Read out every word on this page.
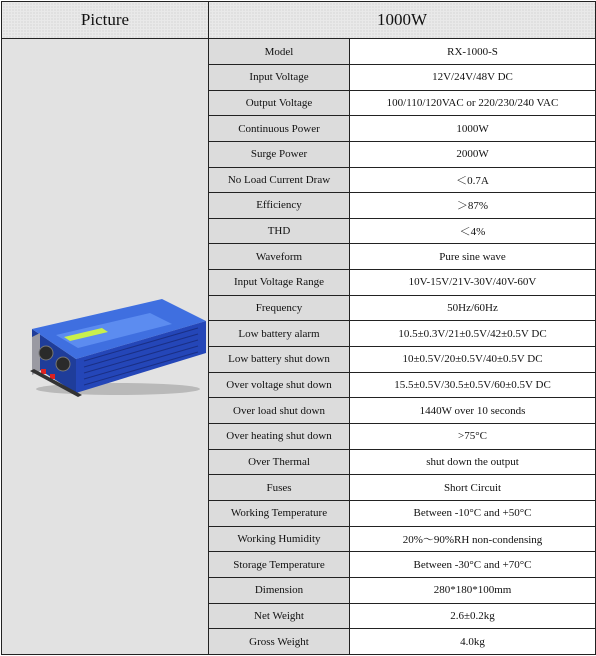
Picture	1000W	

	Model	RX-1000-S
	Input Voltage	12V/24V/48V DC
	Output Voltage	100/110/120VAC or 220/230/240 VAC
	Continuous Power	1000W
	Surge Power	2000W
	No Load Current Draw	＜0.7A
	Efficiency	＞87%
	THD	＜4%
	Waveform	Pure sine wave
	Input Voltage Range	10V-15V/21V-30V/40V-60V
	Frequency	50Hz/60Hz
	Low battery alarm	10.5±0.3V/21±0.5V/42±0.5V DC
	Low battery shut down	10±0.5V/20±0.5V/40±0.5V DC
	Over voltage shut down	15.5±0.5V/30.5±0.5V/60±0.5V DC
	Over load shut down	1440W over 10 seconds
	Over heating shut down	>75°C
	Over Thermal	shut down the output
	Fuses	Short Circuit
	Working Temperature	Between -10°C and +50°C
	Working Humidity	20%～90%RH non-condensing
	Storage Temperature	Between -30°C and +70°C
	Dimension	280*180*100mm
	Net Weight	2.6±0.2kg
	Gross Weight	4.0kg
